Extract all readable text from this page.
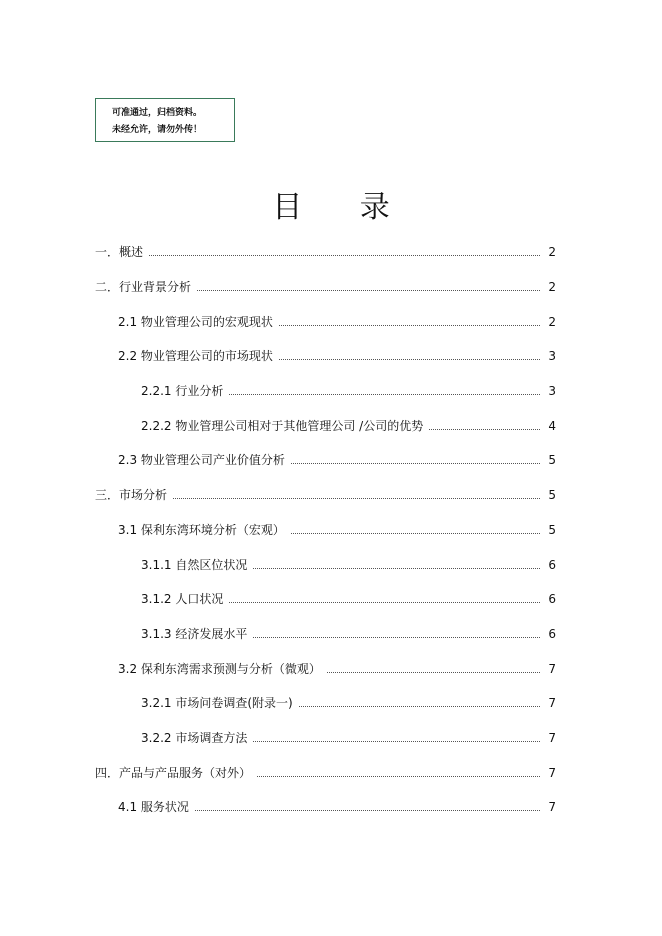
可准通过，归档资料。
未经允许，请勿外传！
目 录
一．概述	2
二．行业背景分析	2
2.1 物业管理公司的宏观现状	2
2.2 物业管理公司的市场现状	3
2.2.1 行业分析	3
2.2.2 物业管理公司相对于其他管理公司 /公司的优势	4
2.3 物业管理公司产业价值分析	5
三．市场分析	5
3.1 保利东湾环境分析（宏观）	5
3.1.1 自然区位状况	6
3.1.2 人口状况	6
3.1.3 经济发展水平	6
3.2 保利东湾需求预测与分析（微观）	7
3.2.1 市场问卷调查(附录一)	7
3.2.2 市场调查方法	7
四．产品与产品服务（对外）	7
4.1 服务状况	7
